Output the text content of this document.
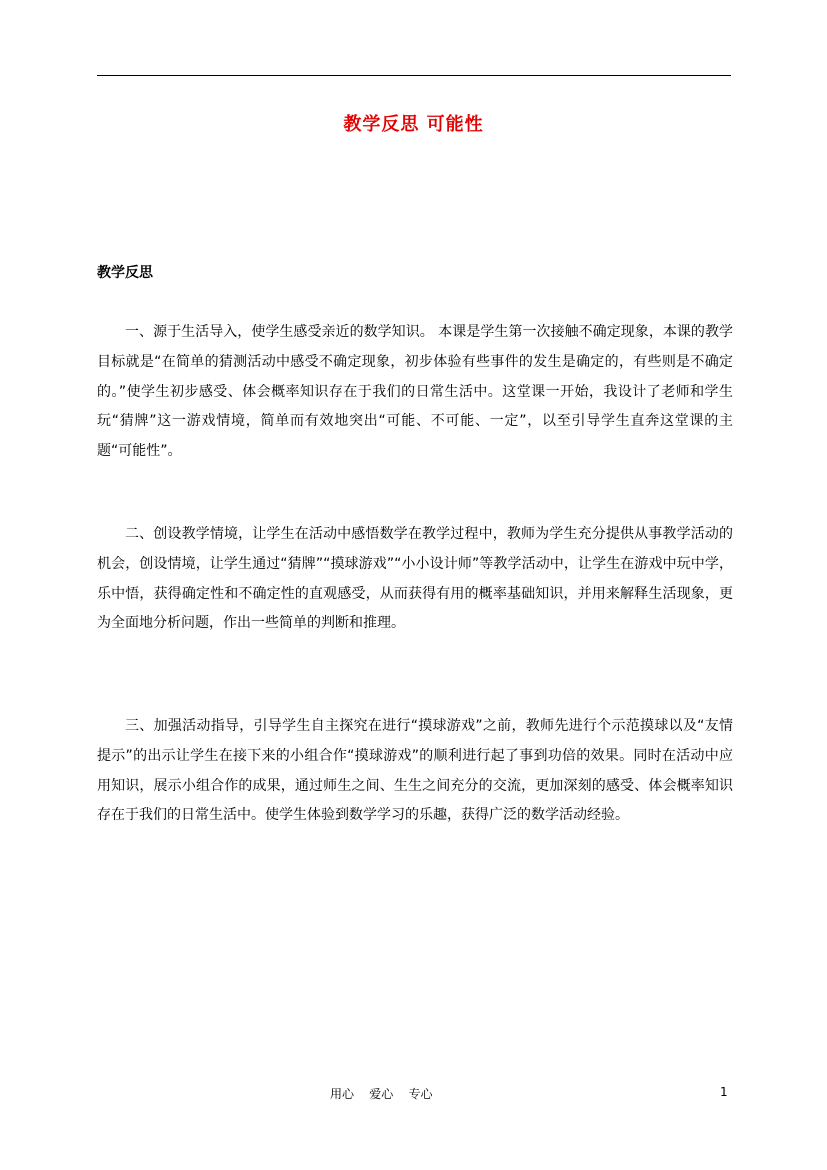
教学反思 可能性
教学反思

一、源于生活导入，使学生感受亲近的数学知识。 本课是学生第一次接触不确定现象，本课的教学目标就是“在简单的猜测活动中感受不确定现象，初步体验有些事件的发生是确定的，有些则是不确定的。”使学生初步感受、体会概率知识存在于我们的日常生活中。这堂课一开始，我设计了老师和学生玩“猜牌”这一游戏情境，简单而有效地突出“可能、不可能、一定”，以至引导学生直奔这堂课的主题“可能性”。

二、创设教学情境，让学生在活动中感悟数学在教学过程中，教师为学生充分提供从事教学活动的机会，创设情境，让学生通过“猜牌”“摸球游戏”“小小设计师”等教学活动中，让学生在游戏中玩中学，乐中悟，获得确定性和不确定性的直观感受，从而获得有用的概率基础知识，并用来解释生活现象，更为全面地分析问题，作出一些简单的判断和推理。

三、加强活动指导，引导学生自主探究在进行“摸球游戏”之前，教师先进行个示范摸球以及“友情提示”的出示让学生在接下来的小组合作“摸球游戏”的顺利进行起了事到功倍的效果。同时在活动中应用知识，展示小组合作的成果，通过师生之间、生生之间充分的交流，更加深刻的感受、体会概率知识存在于我们的日常生活中。使学生体验到数学学习的乐趣，获得广泛的数学活动经验。

用心    爱心    专心	1
